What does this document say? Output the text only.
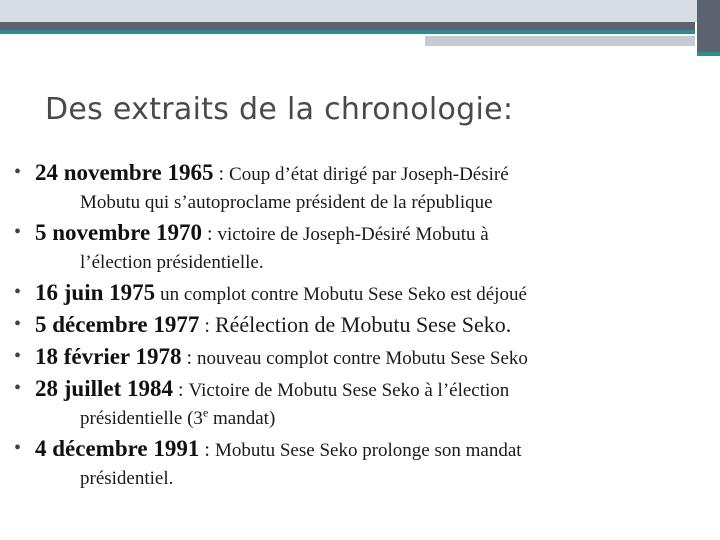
Des extraits de la chronologie:
• 24 novembre 1965 : Coup d’état dirigé par Joseph-Désiré
Mobutu qui s’autoproclame président de la république
• 5 novembre 1970 : victoire de Joseph-Désiré Mobutu à
l’élection présidentielle.
• 16 juin 1975 un complot contre Mobutu Sese Seko est déjoué
• 5 décembre 1977 : Réélection de Mobutu Sese Seko.
• 18 février 1978 : nouveau complot contre Mobutu Sese Seko
• 28 juillet 1984 : Victoire de Mobutu Sese Seko à l’élection
présidentielle (3e mandat)
• 4 décembre 1991 : Mobutu Sese Seko prolonge son mandat
présidentiel.
